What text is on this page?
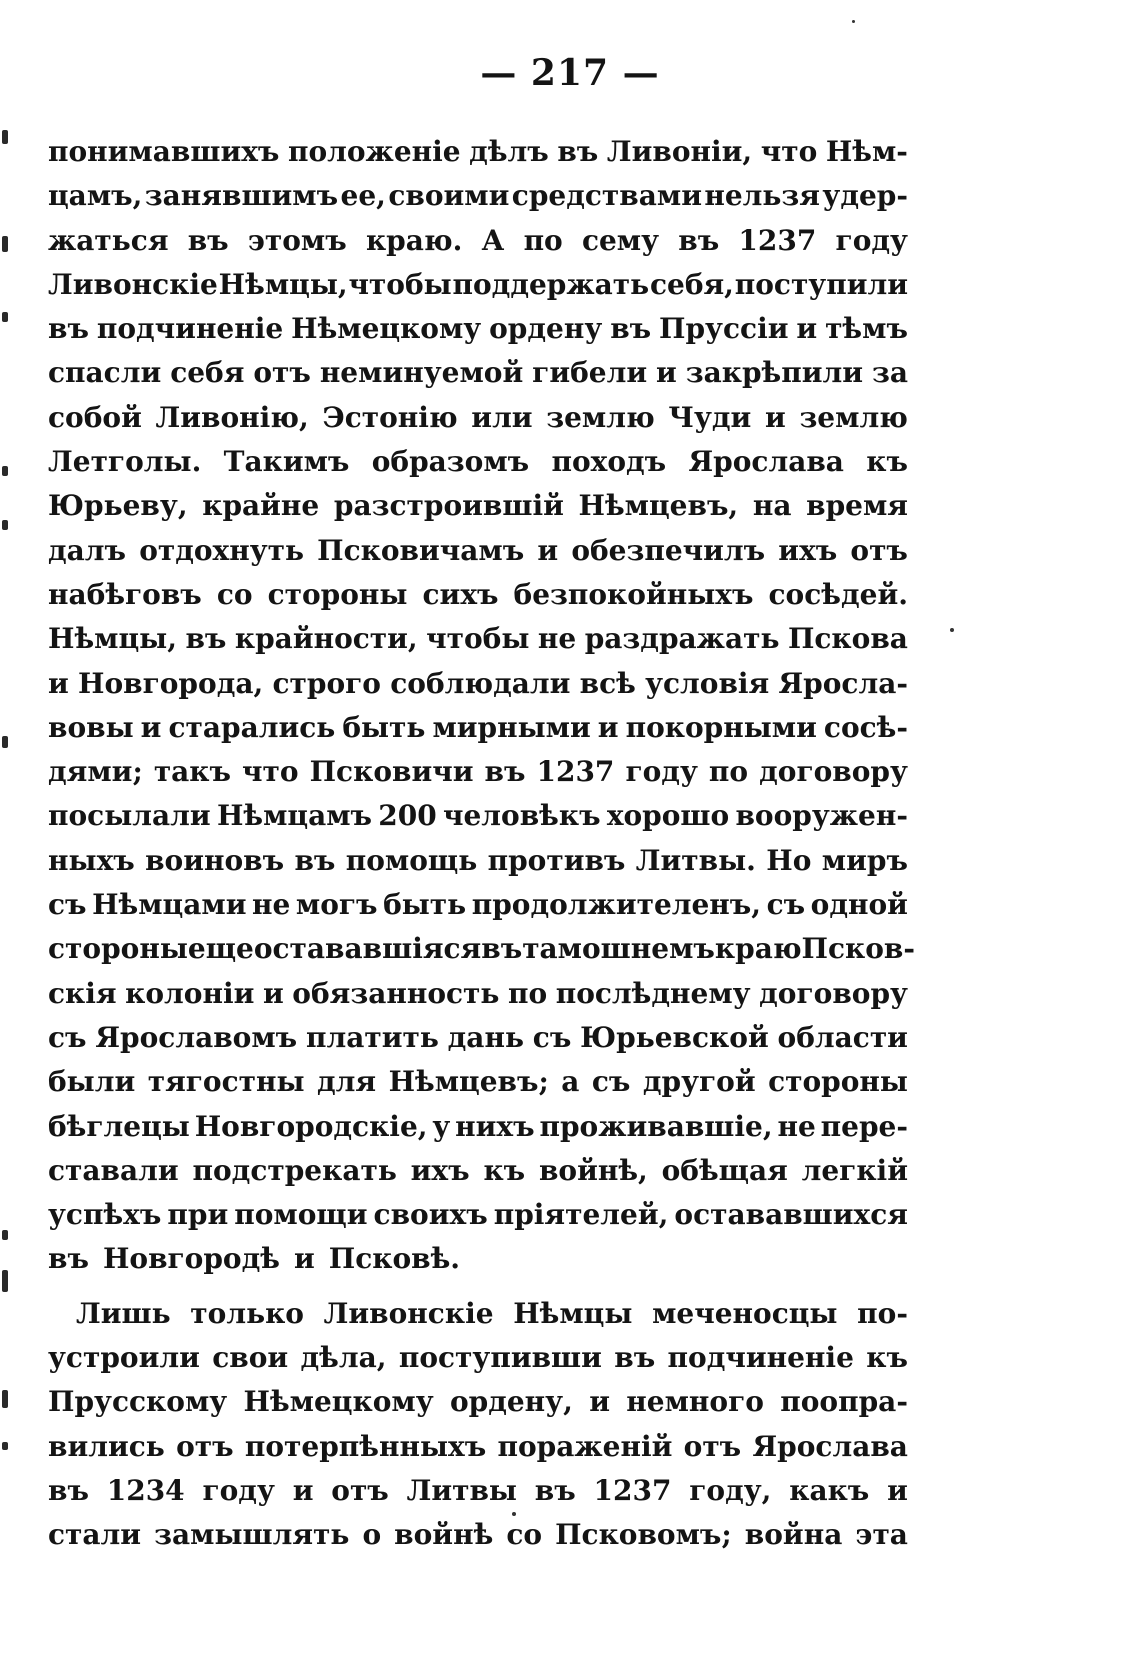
— 217 —
понимавшихъ положенiе дѣлъ въ Ливонiи, что Нѣм-
цамъ, занявшимъ ее, своими средствами нельзя удер-
жаться въ этомъ краю. А по сему въ 1237 году
Ливонскiе Нѣмцы, чтобы поддержать себя, поступили
въ подчиненiе Нѣмецкому ордену въ Пруссiи и тѣмъ
спасли себя отъ неминуемой гибели и закрѣпили за
собой Ливонiю, Эстонiю или землю Чуди и землю
Летголы. Такимъ образомъ походъ Ярослава къ
Юрьеву, крайне разстроившiй Нѣмцевъ, на время
далъ отдохнуть Псковичамъ и обезпечилъ ихъ отъ
набѣговъ со стороны сихъ безпокойныхъ сосѣдей.
Нѣмцы, въ крайности, чтобы не раздражать Пскова
и Новгорода, строго соблюдали всѣ условiя Яросла-
вовы и старались быть мирными и покорными сосѣ-
дями; такъ что Псковичи въ 1237 году по договору
посылали Нѣмцамъ 200 человѣкъ хорошо вооружен-
ныхъ воиновъ въ помощь противъ Литвы. Но миръ
съ Нѣмцами не могъ быть продолжителенъ, съ одной
стороны еще остававшiяся въ тамошнемъ краю Псков-
скiя колонiи и обязанность по послѣднему договору
съ Ярославомъ платить дань съ Юрьевской области
были тягостны для Нѣмцевъ; а съ другой стороны
бѣглецы Новгородскiе, у нихъ проживавшiе, не пере-
ставали подстрекать ихъ къ войнѣ, обѣщая легкiй
успѣхъ при помощи своихъ прiятелей, остававшихся
въ Новгородѣ и Псковѣ.
Лишь только Ливонскiе Нѣмцы меченосцы по-
устроили свои дѣла, поступивши въ подчиненiе къ
Прусскому Нѣмецкому ордену, и немного поопра-
вились отъ потерпѣнныхъ пораженiй отъ Ярослава
въ 1234 году и отъ Литвы въ 1237 году, какъ и
стали замышлять о войнѣ со Псковомъ; война эта
